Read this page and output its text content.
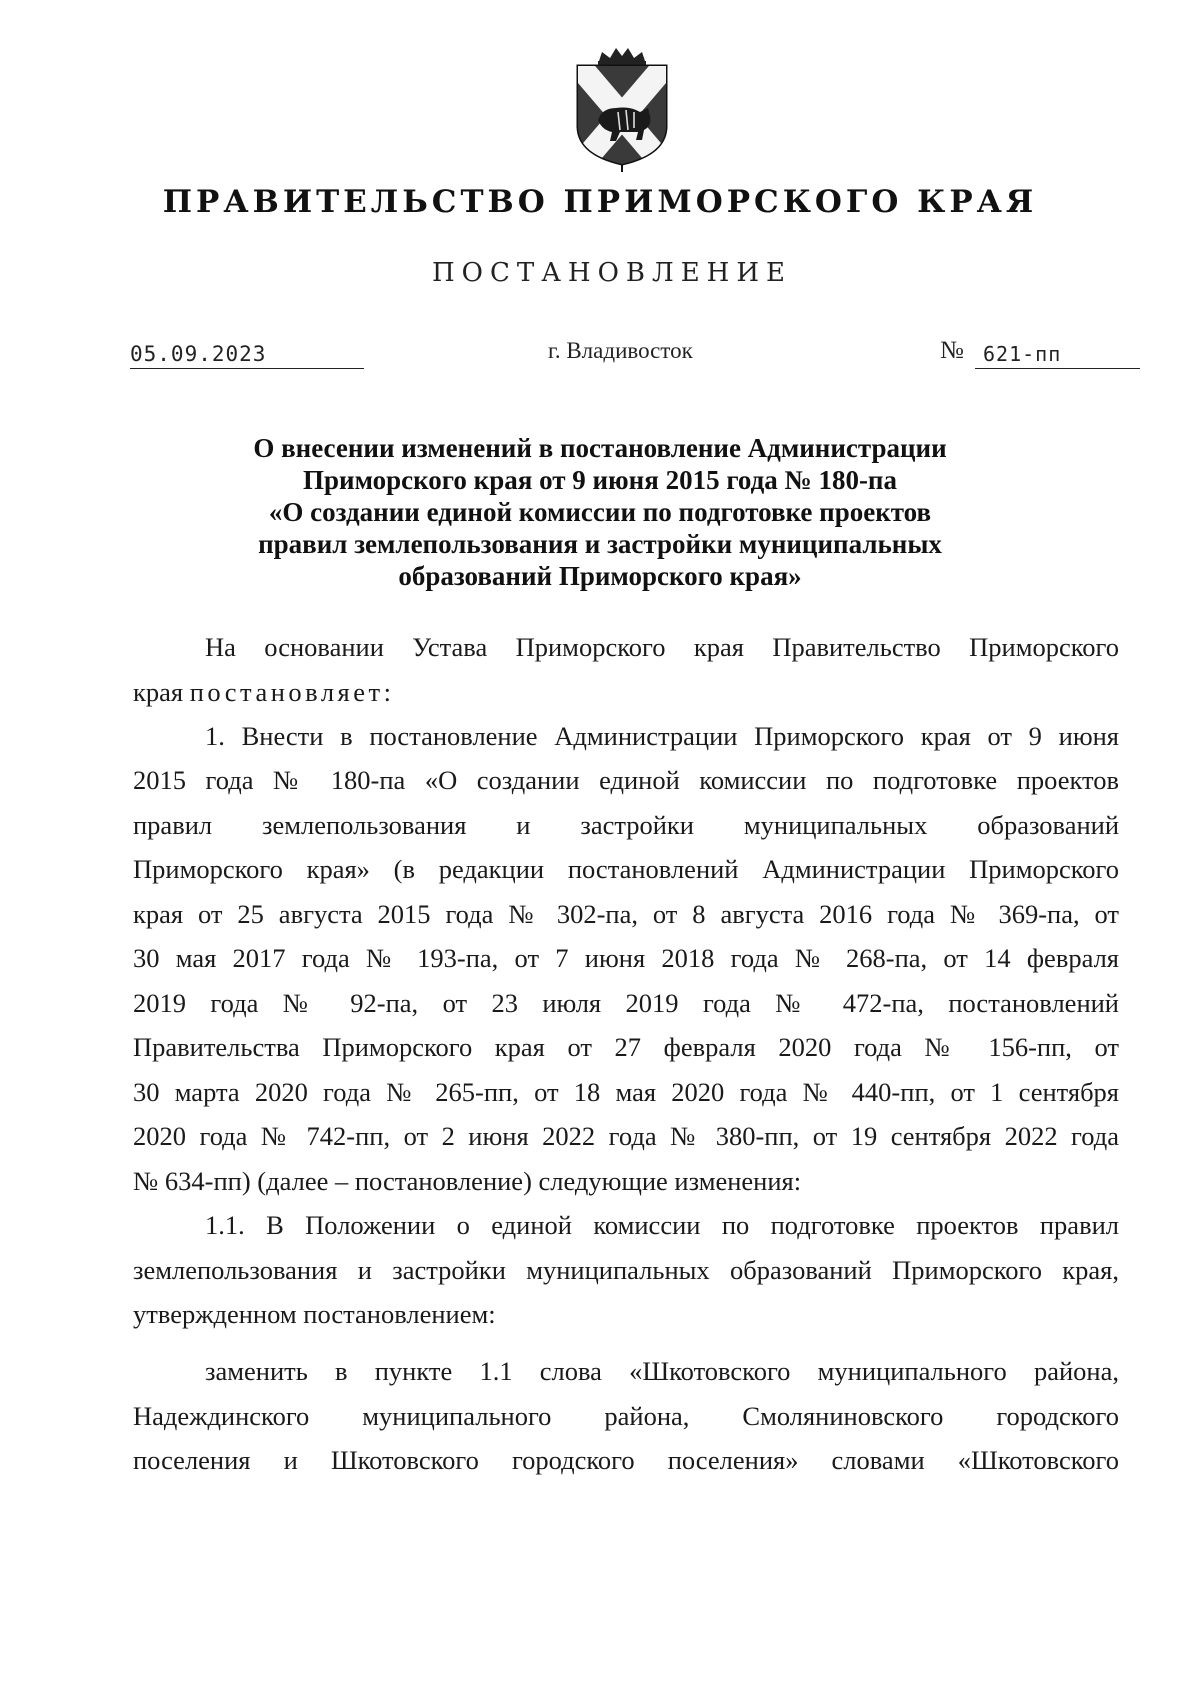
ПРАВИТЕЛЬСТВО ПРИМОРСКОГО КРАЯ
ПОСТАНОВЛЕНИЕ
05.09.2023	г. Владивосток	№ 621-пп
О внесении изменений в постановление Администрации
Приморского края от 9 июня 2015 года № 180-па
«О создании единой комиссии по подготовке проектов
правил землепользования и застройки муниципальных
образований Приморского края»
На основании Устава Приморского края Правительство Приморского
края постановляет:
1. Внести в постановление Администрации Приморского края от 9 июня
2015 года № 180-па «О создании единой комиссии по подготовке проектов
правил землепользования и застройки муниципальных образований
Приморского края» (в редакции постановлений Администрации Приморского
края от 25 августа 2015 года № 302-па, от 8 августа 2016 года № 369-па, от
30 мая 2017 года № 193-па, от 7 июня 2018 года № 268-па, от 14 февраля
2019 года № 92-па, от 23 июля 2019 года № 472-па, постановлений
Правительства Приморского края от 27 февраля 2020 года № 156-пп, от
30 марта 2020 года № 265-пп, от 18 мая 2020 года № 440-пп, от 1 сентября
2020 года № 742-пп, от 2 июня 2022 года № 380-пп, от 19 сентября 2022 года
№ 634-пп) (далее – постановление) следующие изменения:
1.1. В Положении о единой комиссии по подготовке проектов правил
землепользования и застройки муниципальных образований Приморского края,
утвержденном постановлением:
заменить в пункте 1.1 слова «Шкотовского муниципального района,
Надеждинского муниципального района, Смоляниновского городского
поселения и Шкотовского городского поселения» словами «Шкотовского
